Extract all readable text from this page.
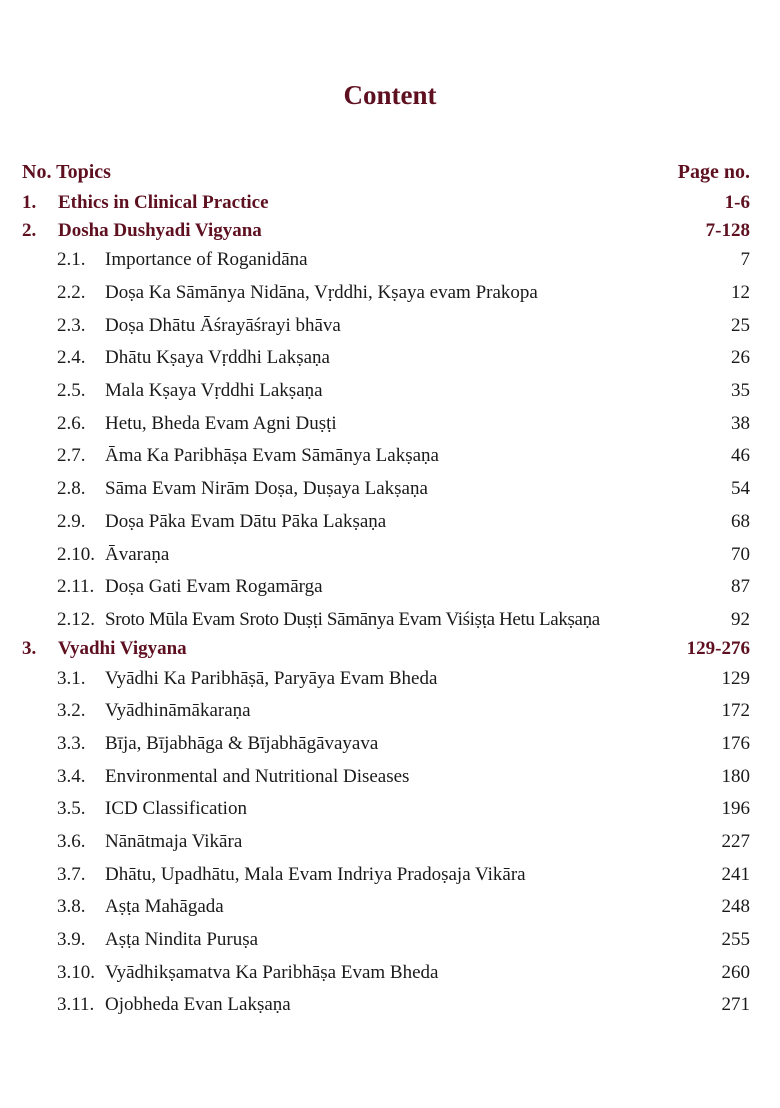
Content
No. Topics	Page no.
1.	Ethics in Clinical Practice	1-6
2.	Dosha Dushyadi Vigyana	7-128
2.1.	Importance of Roganidāna	7
2.2.	Doṣa Ka Sāmānya Nidāna, Vṛddhi, Kṣaya evam Prakopa	12
2.3.	Doṣa Dhātu Āśrayāśrayi bhāva	25
2.4.	Dhātu Kṣaya Vṛddhi Lakṣaṇa	26
2.5.	Mala Kṣaya Vṛddhi Lakṣaṇa	35
2.6.	Hetu, Bheda Evam Agni Duṣṭi	38
2.7.	Āma Ka Paribhāṣa Evam Sāmānya Lakṣaṇa	46
2.8.	Sāma Evam Nirām Doṣa, Duṣaya Lakṣaṇa	54
2.9.	Doṣa Pāka Evam Dātu Pāka Lakṣaṇa	68
2.10. Āvaraṇa	70
2.11. Doṣa Gati Evam Rogamārga	87
2.12. Sroto Mūla Evam Sroto Duṣṭi Sāmānya Evam Viśiṣṭa Hetu Lakṣaṇa	92
3.	Vyadhi Vigyana	129-276
3.1.	Vyādhi Ka Paribhāṣā, Paryāya Evam Bheda	129
3.2.	Vyādhināmākaraṇa	172
3.3.	Bīja, Bījabhāga & Bījabhāgāvayava	176
3.4.	Environmental and Nutritional Diseases	180
3.5.	ICD Classification	196
3.6.	Nānātmaja Vikāra	227
3.7.	Dhātu, Upadhātu, Mala Evam Indriya Pradoṣaja Vikāra	241
3.8.	Aṣṭa Mahāgada	248
3.9.	Aṣṭa Nindita Puruṣa	255
3.10. Vyādhikṣamatva Ka Paribhāṣa Evam Bheda	260
3.11. Ojobheda Evan Lakṣaṇa	271
